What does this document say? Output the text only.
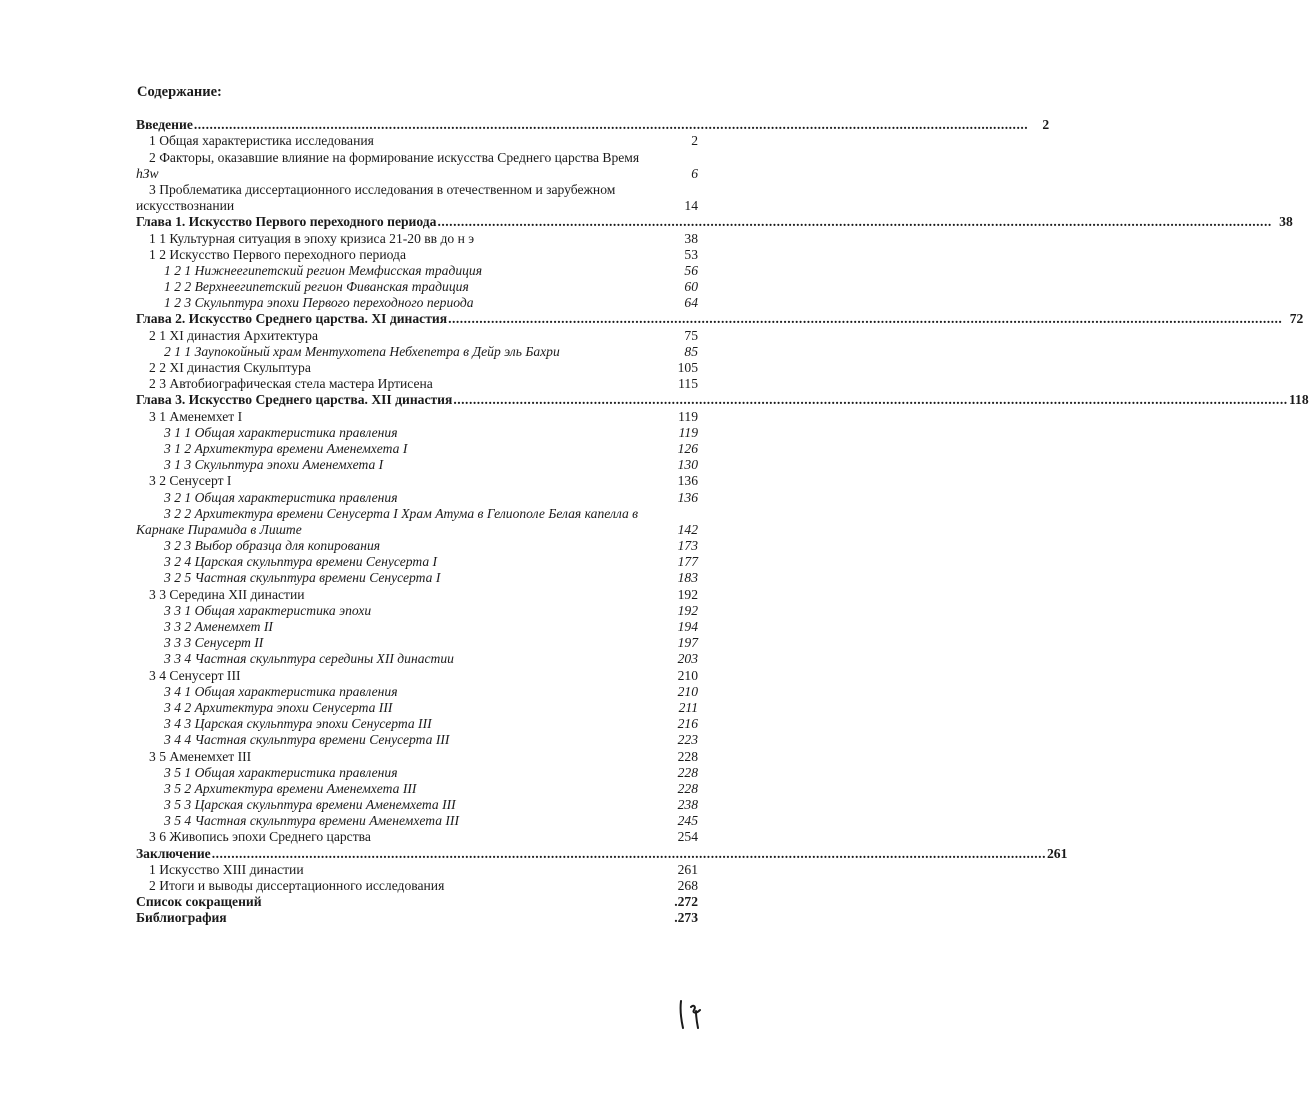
Содержание:
Введение .....	2
1 Общая характеристика исследования	2
2 Факторы, оказавшие влияние на формирование искусства Среднего царства Время
hЗw	6
3 Проблематика диссертационного исследования в отечественном и зарубежном
искусствознании	14
Глава 1. Искусство Первого переходного периода .....	38
1 1 Культурная ситуация в эпоху кризиса 21-20 вв до н э	38
1 2 Искусство Первого переходного периода	53
1 2 1 Нижнеегипетский регион Мемфисская традиция	56
1 2 2 Верхнеегипетский регион Фиванская традиция	60
1 2 3 Скульптура эпохи Первого переходного периода	64
Глава 2. Искусство Среднего царства. XI династия .....	72
2 1 XI династия Архитектура	75
2 1 1 Заупокойный храм Ментухотепа Небхепетра в Дейр эль Бахри	85
2 2 XI династия Скульптура	105
2 3 Автобиографическая стела мастера Иртисена	115
Глава 3. Искусство Среднего царства. XII династия .....	118
3 1 Аменемхет I	119
3 1 1 Общая характеристика правления	119
3 1 2 Архитектура времени Аменемхета I	126
3 1 3 Скульптура эпохи Аменемхета I	130
3 2 Сенусерт I	136
3 2 1 Общая характеристика правления	136
3 2 2 Архитектура времени Сенусерта I Храм Атума в Гелиополе Белая капелла в
Карнаке Пирамида в Лиште	142
3 2 3 Выбор образца для копирования	173
3 2 4 Царская скульптура времени Сенусерта I	177
3 2 5 Частная скульптура времени Сенусерта I	183
3 3 Середина XII династии	192
3 3 1 Общая характеристика эпохи	192
3 3 2 Аменемхет II	194
3 3 3 Сенусерт II	197
3 3 4 Частная скульптура середины XII династии	203
3 4 Сенусерт III	210
3 4 1 Общая характеристика правления	210
3 4 2 Архитектура эпохи Сенусерта III	211
3 4 3 Царская скульптура эпохи Сенусерта III	216
3 4 4 Частная скульптура времени Сенусерта III	223
3 5 Аменемхет III	228
3 5 1 Общая характеристика правления	228
3 5 2 Архитектура времени Аменемхета III	228
3 5 3 Царская скульптура времени Аменемхета III	238
3 5 4 Частная скульптура времени Аменемхета III	245
3 6 Живопись эпохи Среднего царства	254
Заключение .....	261
1 Искусство XIII династии	261
2 Итоги и выводы диссертационного исследования	268
Список сокращений	.272
Библиография	.273
